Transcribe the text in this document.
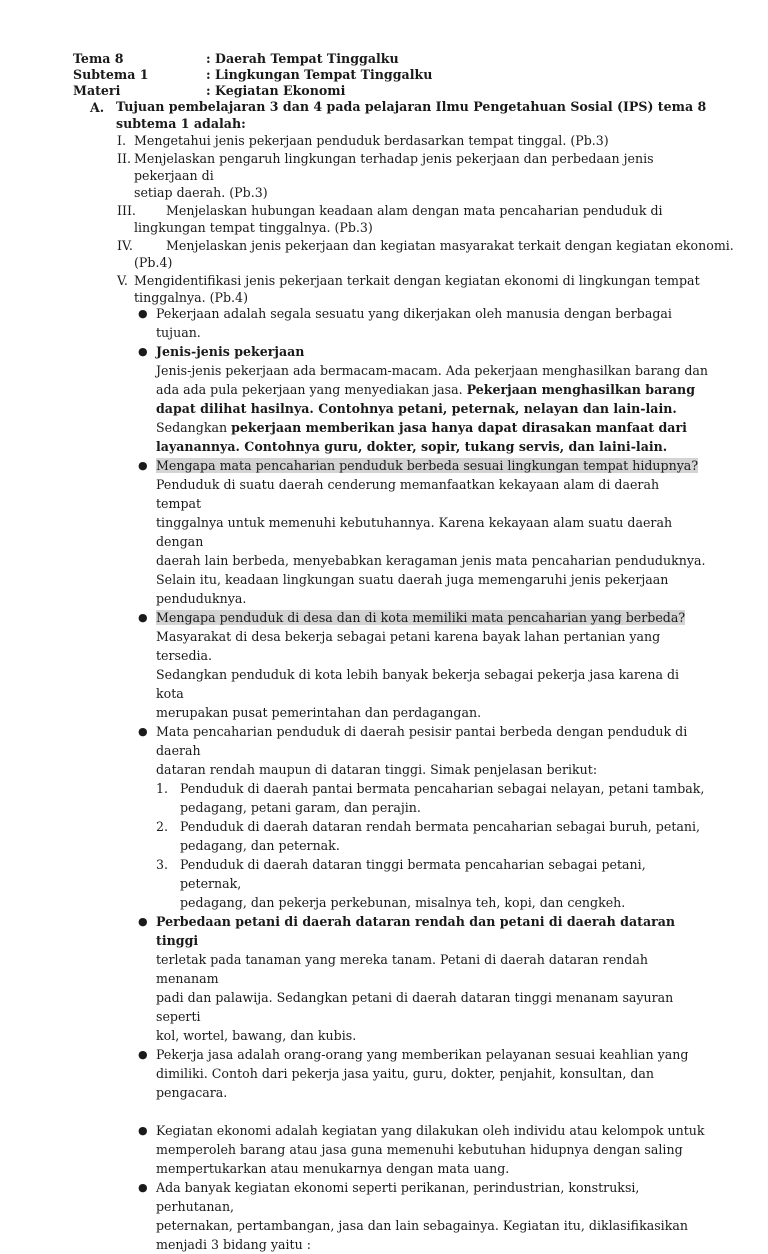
Tema 8	: Daerah Tempat Tinggalku
Subtema 1	: Lingkungan Tempat Tinggalku
Materi	: Kegiatan Ekonomi
A. Tujuan pembelajaran 3 dan 4 pada pelajaran Ilmu Pengetahuan Sosial (IPS) tema 8
subtema 1 adalah:
I. Mengetahui jenis pekerjaan penduduk berdasarkan tempat tinggal. (Pb.3)
II. Menjelaskan pengaruh lingkungan terhadap jenis pekerjaan dan perbedaan jenis pekerjaan di
setiap daerah. (Pb.3)
III.
Menjelaskan hubungan keadaan alam dengan mata pencaharian penduduk di
lingkungan tempat tinggalnya. (Pb.3)
IV. Menjelaskan jenis pekerjaan dan kegiatan masyarakat terkait dengan kegiatan ekonomi.
(Pb.4)
V. Mengidentifikasi jenis pekerjaan terkait dengan kegiatan ekonomi di lingkungan tempat
tinggalnya. (Pb.4)
● Pekerjaan adalah segala sesuatu yang dikerjakan oleh manusia dengan berbagai tujuan.
● Jenis-jenis pekerjaan
Jenis-jenis pekerjaan ada bermacam-macam. Ada pekerjaan menghasilkan barang dan
ada ada pula pekerjaan yang menyediakan jasa. Pekerjaan menghasilkan barang
dapat dilihat hasilnya. Contohnya petani, peternak, nelayan dan lain-lain.
Sedangkan pekerjaan memberikan jasa hanya dapat dirasakan manfaat dari
layanannya. Contohnya guru, dokter, sopir, tukang servis, dan laini-lain.
● Mengapa mata pencaharian penduduk berbeda sesuai lingkungan tempat hidupnya?
Penduduk di suatu daerah cenderung memanfaatkan kekayaan alam di daerah tempat
tinggalnya untuk memenuhi kebutuhannya. Karena kekayaan alam suatu daerah dengan
daerah lain berbeda, menyebabkan keragaman jenis mata pencaharian penduduknya.
Selain itu, keadaan lingkungan suatu daerah juga memengaruhi jenis pekerjaan
penduduknya.
● Mengapa penduduk di desa dan di kota memiliki mata pencaharian yang berbeda?
Masyarakat di desa bekerja sebagai petani karena bayak lahan pertanian yang tersedia.
Sedangkan penduduk di kota lebih banyak bekerja sebagai pekerja jasa karena di kota
merupakan pusat pemerintahan dan perdagangan.
● Mata pencaharian penduduk di daerah pesisir pantai berbeda dengan penduduk di daerah
dataran rendah maupun di dataran tinggi. Simak penjelasan berikut:
1. Penduduk di daerah pantai bermata pencaharian sebagai nelayan, petani tambak,
pedagang, petani garam, dan perajin.
2. Penduduk di daerah dataran rendah bermata pencaharian sebagai buruh, petani,
pedagang, dan peternak.
3. Penduduk di daerah dataran tinggi bermata pencaharian sebagai petani, peternak,
pedagang, dan pekerja perkebunan, misalnya teh, kopi, dan cengkeh.
● Perbedaan petani di daerah dataran rendah dan petani di daerah dataran tinggi
terletak pada tanaman yang mereka tanam. Petani di daerah dataran rendah menanam
padi dan palawija. Sedangkan petani di daerah dataran tinggi menanam sayuran seperti
kol, wortel, bawang, dan kubis.
● Pekerja jasa adalah orang-orang yang memberikan pelayanan sesuai keahlian yang
dimiliki. Contoh dari pekerja jasa yaitu, guru, dokter, penjahit, konsultan, dan pengacara.
● Kegiatan ekonomi adalah kegiatan yang dilakukan oleh individu atau kelompok untuk
memperoleh barang atau jasa guna memenuhi kebutuhan hidupnya dengan saling
mempertukarkan atau menukarnya dengan mata uang.
● Ada banyak kegiatan ekonomi seperti perikanan, perindustrian, konstruksi, perhutanan,
peternakan, pertambangan, jasa dan lain sebagainya. Kegiatan itu, diklasifikasikan
menjadi 3 bidang yaitu :
